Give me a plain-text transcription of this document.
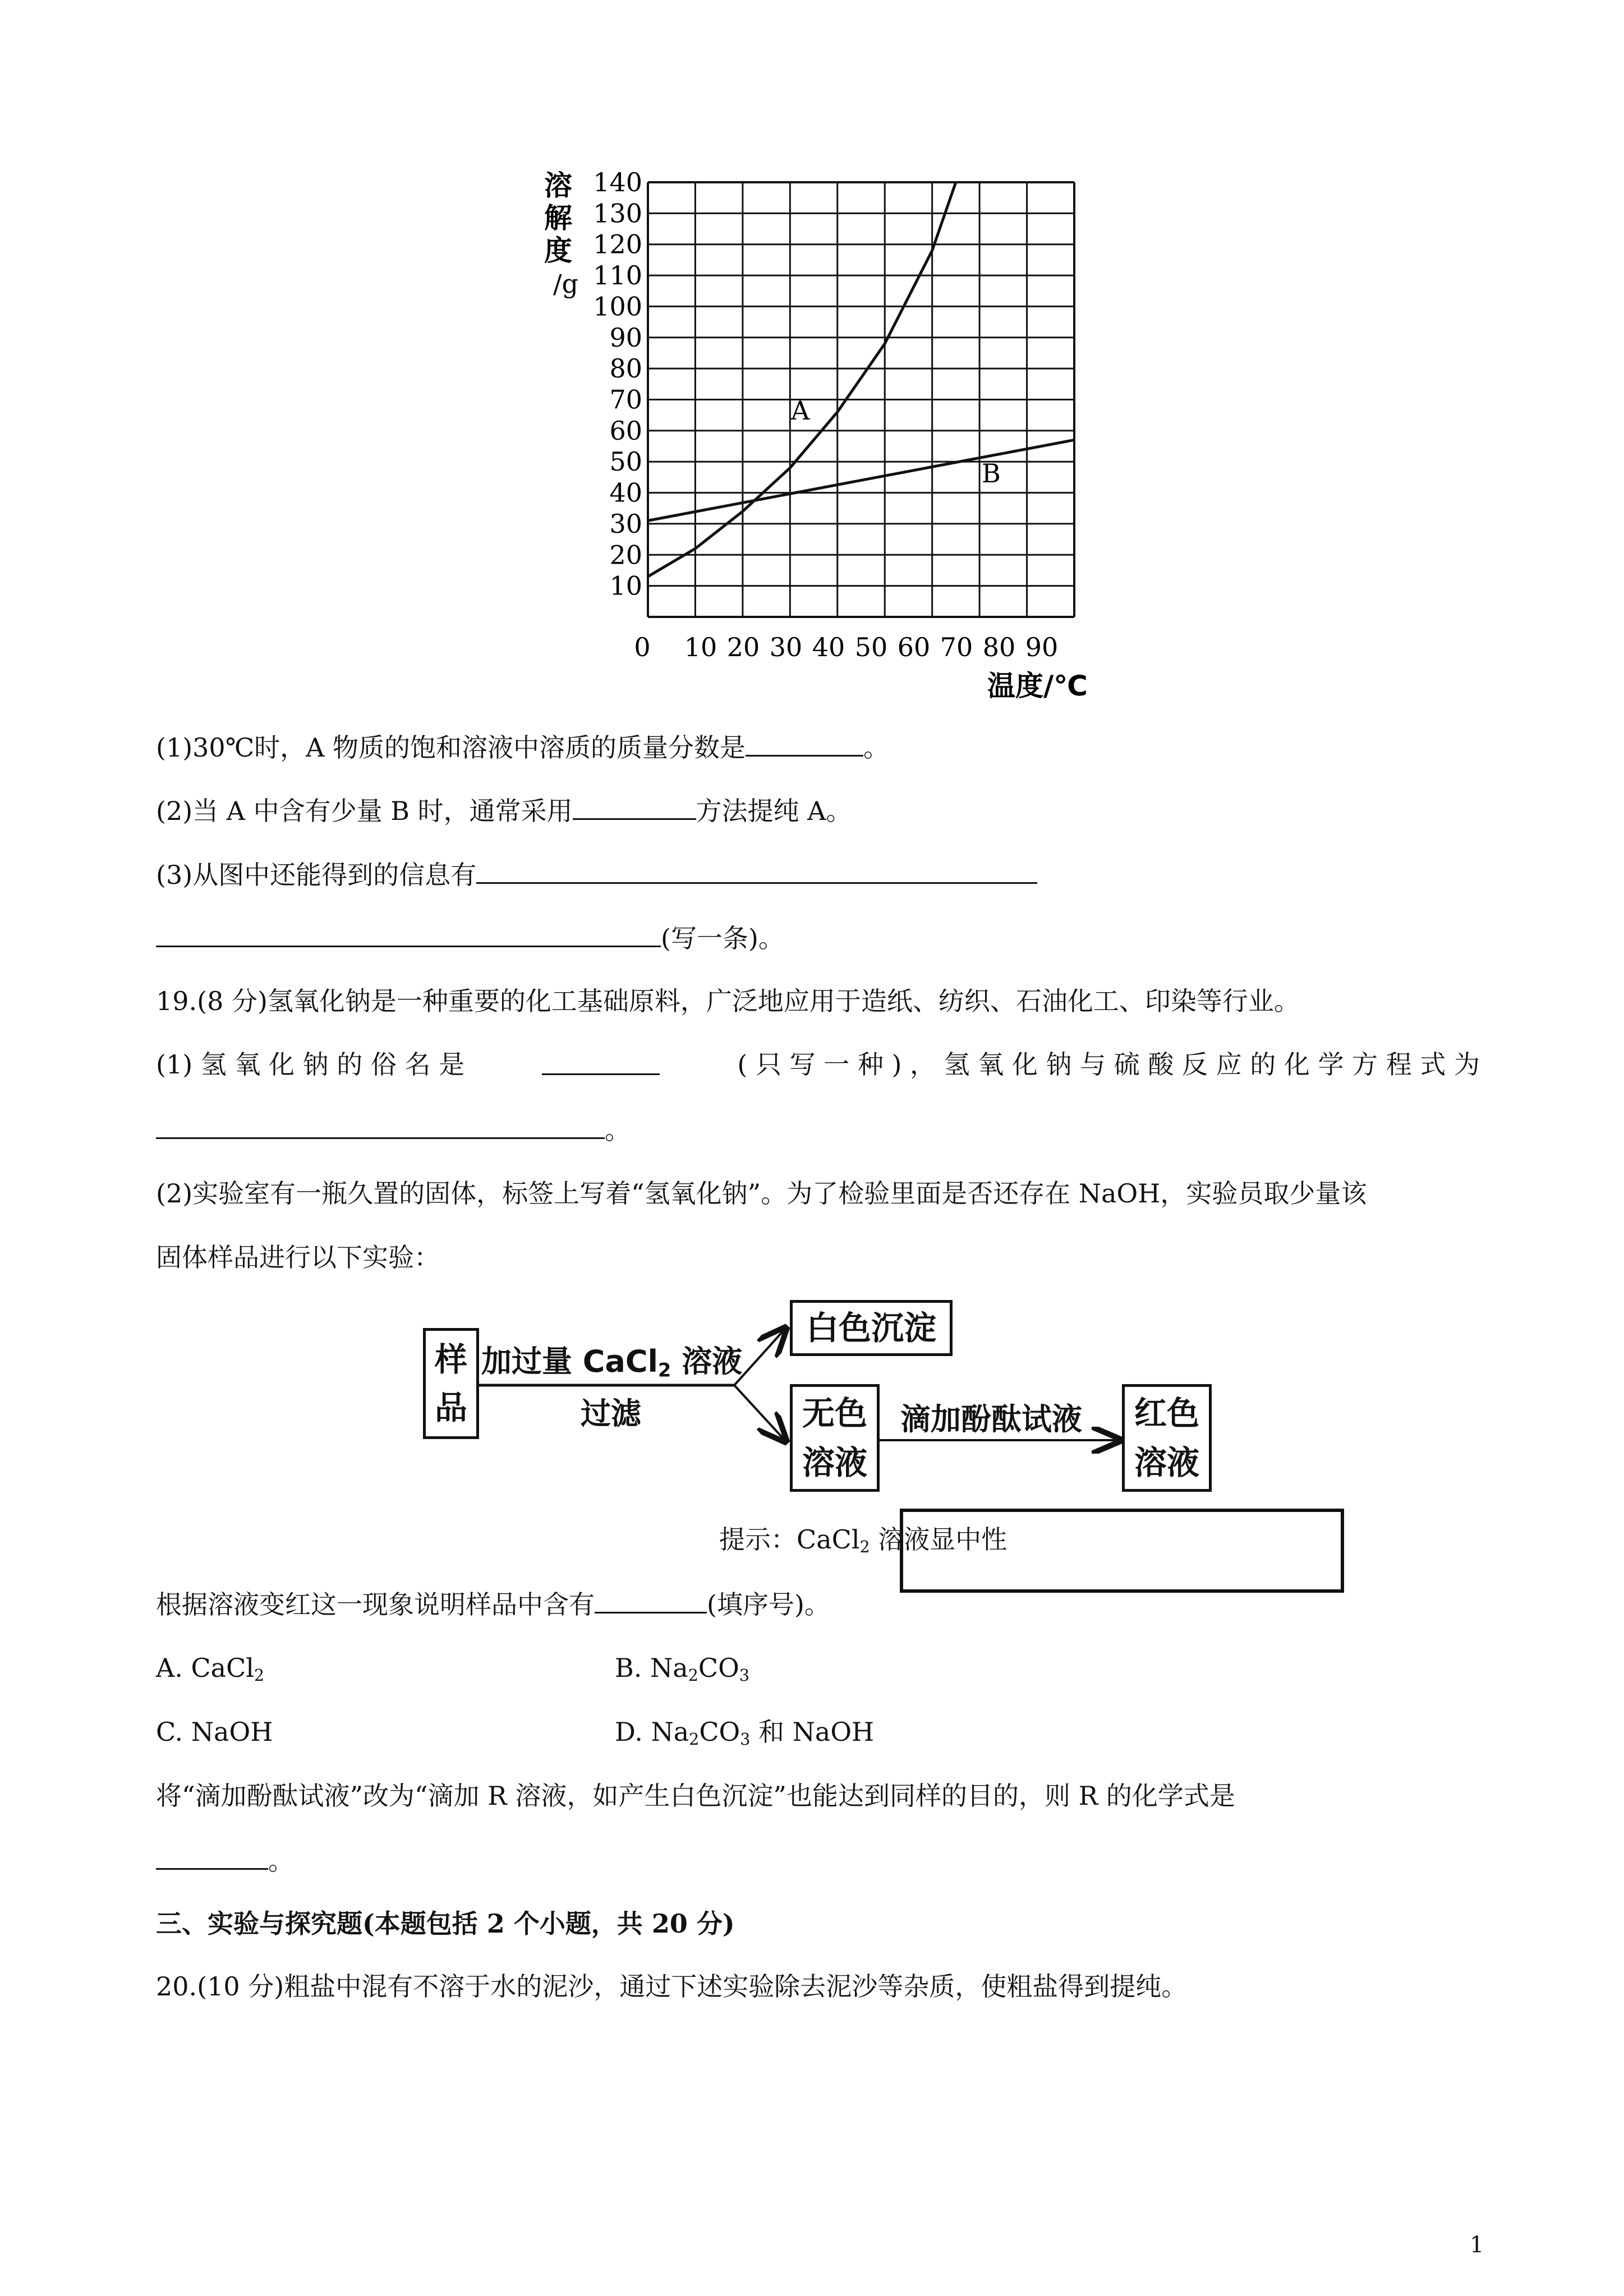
溶
解
度
/g
10
20
30
40
50
60
70
80
90
100
110
120
130
140
0 10 20 30 40 50 60 70 80 90
A
B
温度/℃
(1)30℃时，A 物质的饱和溶液中溶质的质量分数是	。
(2)当 A 中含有少量 B 时，通常采用	方法提纯 A。
(3)从图中还能得到的信息有
(写一条)。
19.(8 分)氢氧化钠是一种重要的化工基础原料，广泛地应用于造纸、纺织、石油化工、印染等行业。
(1) 氢 氧 化 钠 的 俗 名 是	( 只 写 一 种 ) ， 氢 氧 化 钠 与 硫 酸 反 应 的 化 学 方 程 式 为
。
(2)实验室有一瓶久置的固体，标签上写着“氢氧化钠”。为了检验里面是否还存在 NaOH，实验员取少量该
固体样品进行以下实验：
样品
加过量 CaCl$_2$ 溶液
过滤
白色沉淀
无色溶液
滴加酚酞试液 红色溶液
提示：CaCl$_2$ 溶液显中性
根据溶液变红这一现象说明样品中含有	(填序号)。
A. CaCl$_2$	B. $Na_2CO_3$
C. NaOH	D. $Na_2CO_3$ 和 NaOH
将“滴加酚酞试液”改为“滴加 R 溶液，如产生白色沉淀”也能达到同样的目的，则 R 的化学式是
。
三、实验与探究题(本题包括 2 个小题，共 20 分)
20.(10 分)粗盐中混有不溶于水的泥沙，通过下述实验除去泥沙等杂质，使粗盐得到提纯。
1
